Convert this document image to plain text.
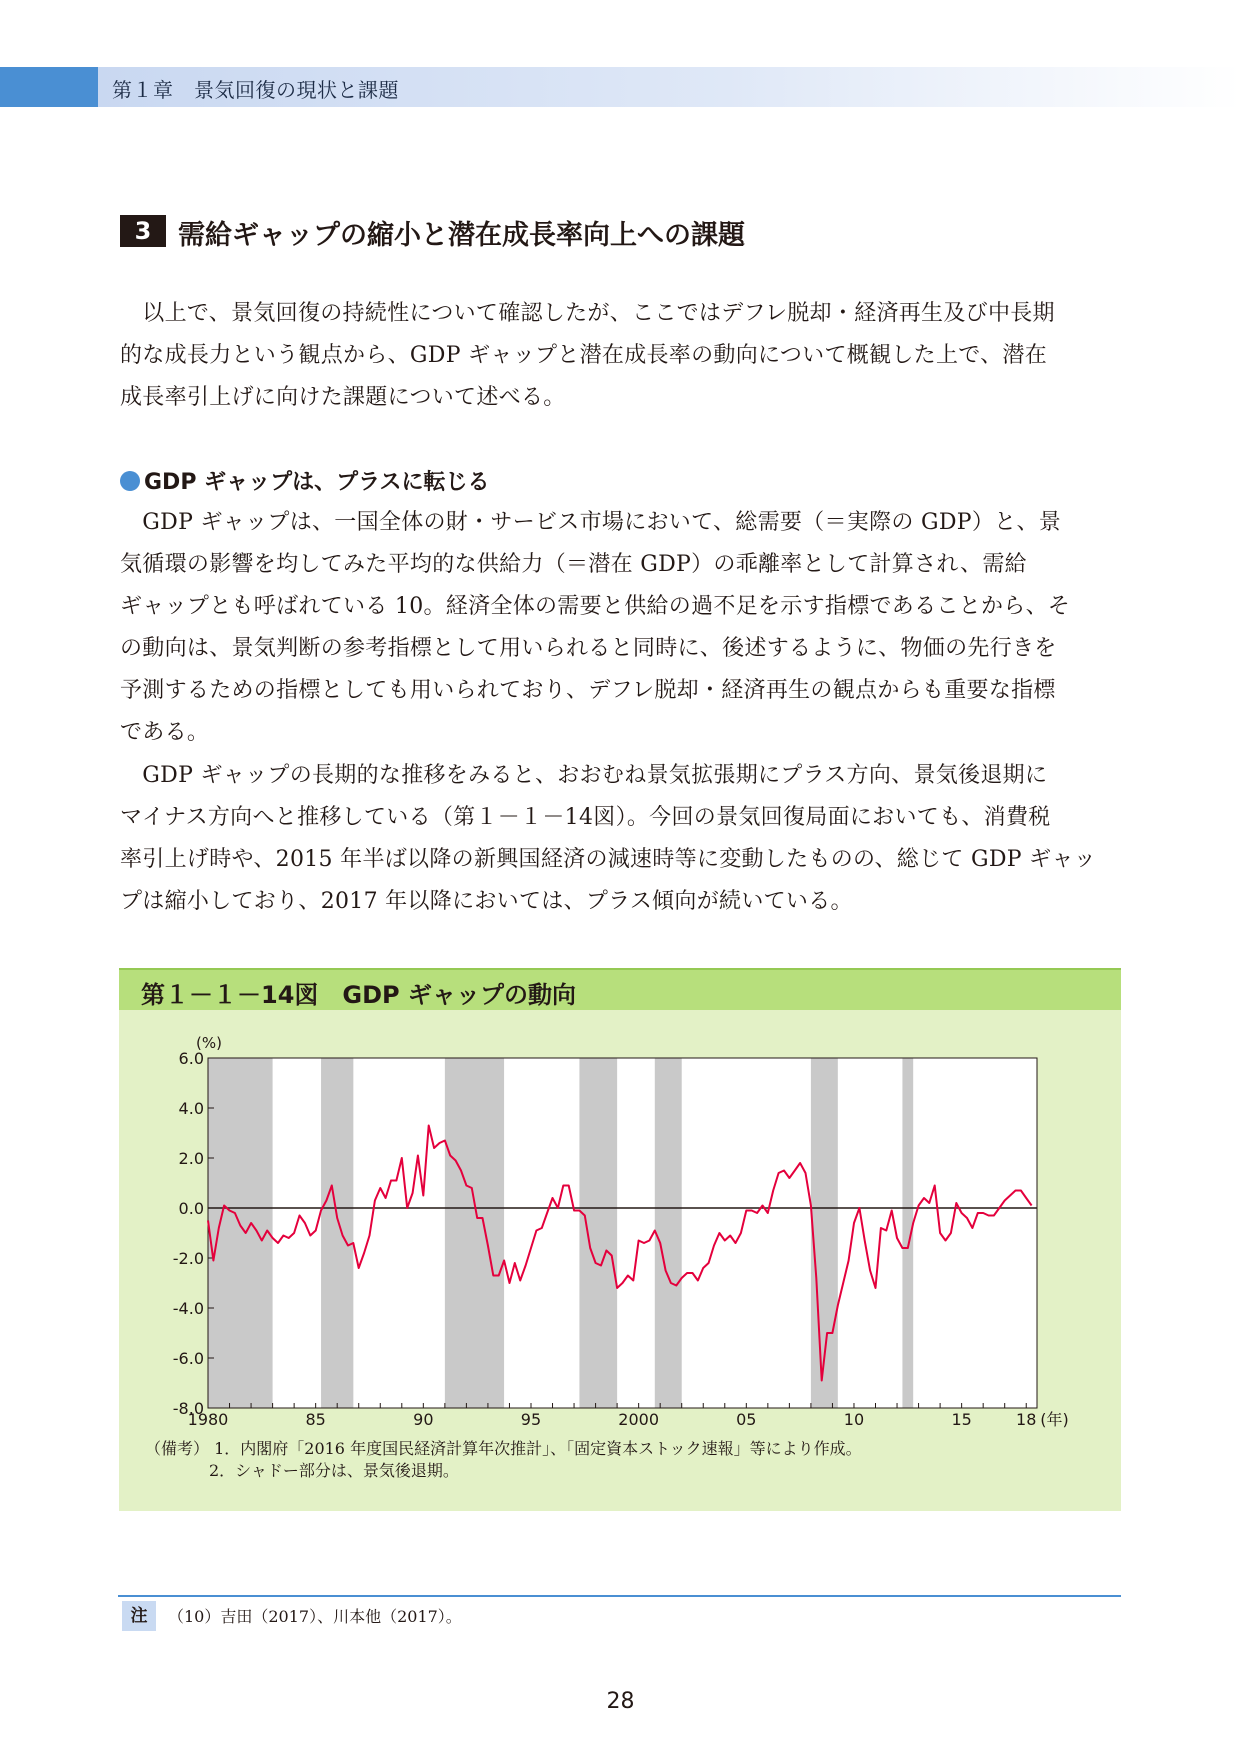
第１章　景気回復の現状と課題
3 需給ギャップの縮小と潜在成長率向上への課題
　以上で、景気回復の持続性について確認したが、ここではデフレ脱却・経済再生及び中長期
的な成長力という観点から、GDP ギャップと潜在成長率の動向について概観した上で、潜在
成長率引上げに向けた課題について述べる。
GDP ギャップは、プラスに転じる
　GDP ギャップは、一国全体の財・サービス市場において、総需要（＝実際の GDP）と、景
気循環の影響を均してみた平均的な供給力（＝潜在 GDP）の乖離率として計算され、需給
ギャップとも呼ばれている 10。経済全体の需要と供給の過不足を示す指標であることから、そ
の動向は、景気判断の参考指標として用いられると同時に、後述するように、物価の先行きを
予測するための指標としても用いられており、デフレ脱却・経済再生の観点からも重要な指標
である。
　GDP ギャップの長期的な推移をみると、おおむね景気拡張期にプラス方向、景気後退期に
マイナス方向へと推移している（第１－１－14図）。今回の景気回復局面においても、消費税
率引上げ時や、2015 年半ば以降の新興国経済の減速時等に変動したものの、総じて GDP ギャッ
プは縮小しており、2017 年以降においては、プラス傾向が続いている。
第１－１－14図　GDP ギャップの動向
6.0
4.0
2.0
0.0
-2.0
-4.0
-6.0
-8.0
(%)
1980	85	90	95	2000	05	10	15	18 (年)
（備考） 1．内閣府「2016 年度国民経済計算年次推計」、「固定資本ストック速報」等により作成。
　　　　2．シャドー部分は、景気後退期。
注	（10）吉田（2017）、川本他（2017）。
28
